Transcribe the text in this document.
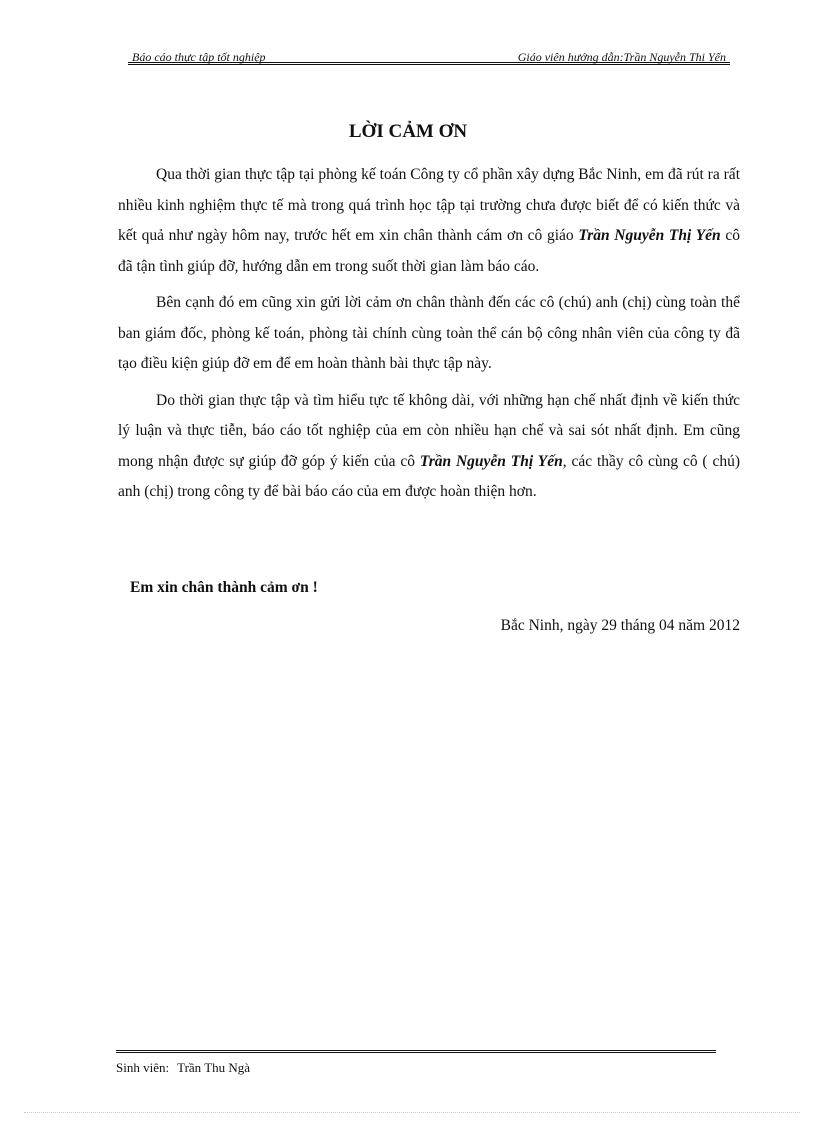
Báo cáo thực tập tốt nghiệp	Giáo viên hướng dẫn:Trần Nguyễn Thị Yến
LỜI CẢM ƠN

Qua thời gian thực tập tại phòng kế toán Công ty cổ phần xây dựng Bắc Ninh, em đã rút ra rất nhiều kinh nghiệm thực tế mà trong quá trình học tập tại trường chưa được biết để có kiến thức và kết quả như ngày hôm nay, trước hết em xin chân thành cám ơn cô giáo Trần Nguyễn Thị Yến cô đã tận tình giúp đỡ, hướng dẫn em trong suốt thời gian làm báo cáo.

Bên cạnh đó em cũng xin gửi lời cảm ơn chân thành đến các cô (chú) anh (chị) cùng toàn thể ban giám đốc, phòng kế toán, phòng tài chính cùng toàn thể cán bộ công nhân viên của công ty đã tạo điều kiện giúp đỡ em để em hoàn thành bài thực tập này.

Do thời gian thực tập và tìm hiểu tực tế không dài, với những hạn chế nhất định về kiến thức lý luận và thực tiễn, báo cáo tốt nghiệp của em còn nhiều hạn chế và sai sót nhất định. Em cũng mong nhận được sự giúp đỡ góp ý kiến của cô Trần Nguyễn Thị Yến, các thầy cô cùng cô ( chú) anh (chị) trong công ty để bài báo cáo của em được hoàn thiện hơn.

Em xin chân thành cảm ơn !
Bắc Ninh, ngày 29 tháng 04 năm 2012
Sinh viên: Trần Thu Ngà
